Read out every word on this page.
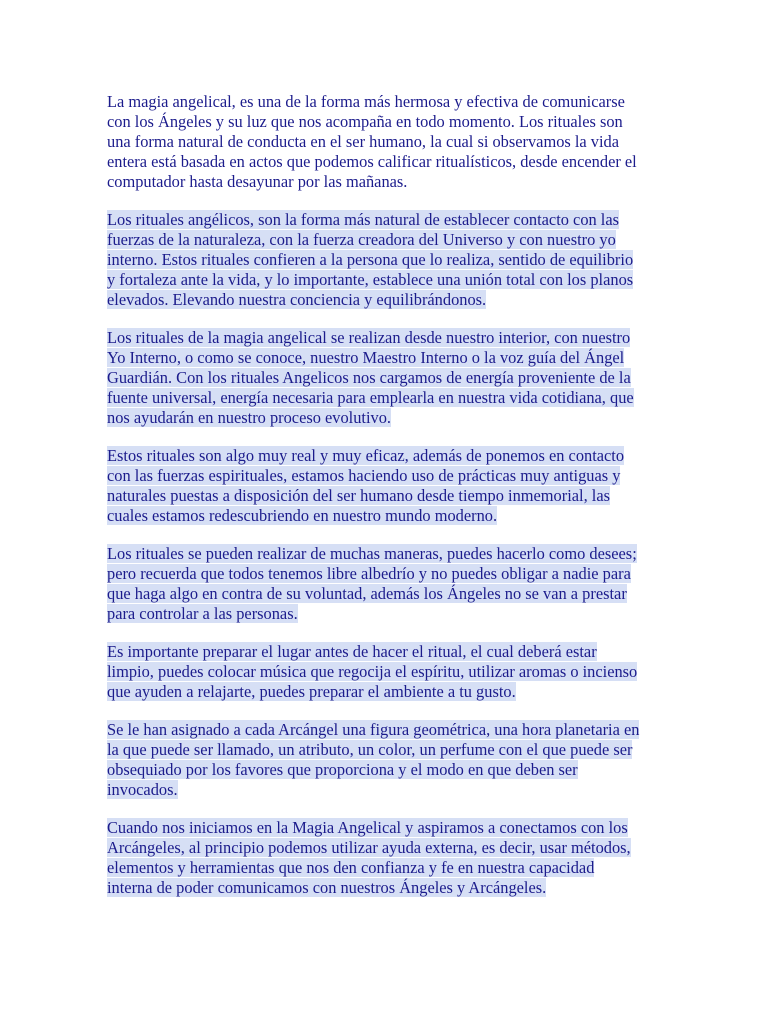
La magia angelical, es una de la forma más hermosa y efectiva de comunicarse
con los Ángeles y su luz que nos acompaña en todo momento. Los rituales son
una forma natural de conducta en el ser humano, la cual si observamos la vida
entera está basada en actos que podemos calificar ritualísticos, desde encender el
computador hasta desayunar por las mañanas.
Los rituales angélicos, son la forma más natural de establecer contacto con las
fuerzas de la naturaleza, con la fuerza creadora del Universo y con nuestro yo
interno. Estos rituales confieren a la persona que lo realiza, sentido de equilibrio
y fortaleza ante la vida, y lo importante, establece una unión total con los planos
elevados. Elevando nuestra conciencia y equilibrándonos.
Los rituales de la magia angelical se realizan desde nuestro interior, con nuestro
Yo Interno, o como se conoce, nuestro Maestro Interno o la voz guía del Ángel
Guardián. Con los rituales Angelicos nos cargamos de energía proveniente de la
fuente universal, energía necesaria para emplearla en nuestra vida cotidiana, que
nos ayudarán en nuestro proceso evolutivo.
Estos rituales son algo muy real y muy eficaz, además de ponemos en contacto
con las fuerzas espirituales, estamos haciendo uso de prácticas muy antiguas y
naturales puestas a disposición del ser humano desde tiempo inmemorial, las
cuales estamos redescubriendo en nuestro mundo moderno.
Los rituales se pueden realizar de muchas maneras, puedes hacerlo como desees;
pero recuerda que todos tenemos libre albedrío y no puedes obligar a nadie para
que haga algo en contra de su voluntad, además los Ángeles no se van a prestar
para controlar a las personas.
Es importante preparar el lugar antes de hacer el ritual, el cual deberá estar
limpio, puedes colocar música que regocija el espíritu, utilizar aromas o incienso
que ayuden a relajarte, puedes preparar el ambiente a tu gusto.
Se le han asignado a cada Arcángel una figura geométrica, una hora planetaria en
la que puede ser llamado, un atributo, un color, un perfume con el que puede ser
obsequiado por los favores que proporciona y el modo en que deben ser
invocados.
Cuando nos iniciamos en la Magia Angelical y aspiramos a conectamos con los
Arcángeles, al principio podemos utilizar ayuda externa, es decir, usar métodos,
elementos y herramientas que nos den confianza y fe en nuestra capacidad
interna de poder comunicamos con nuestros Ángeles y Arcángeles.
